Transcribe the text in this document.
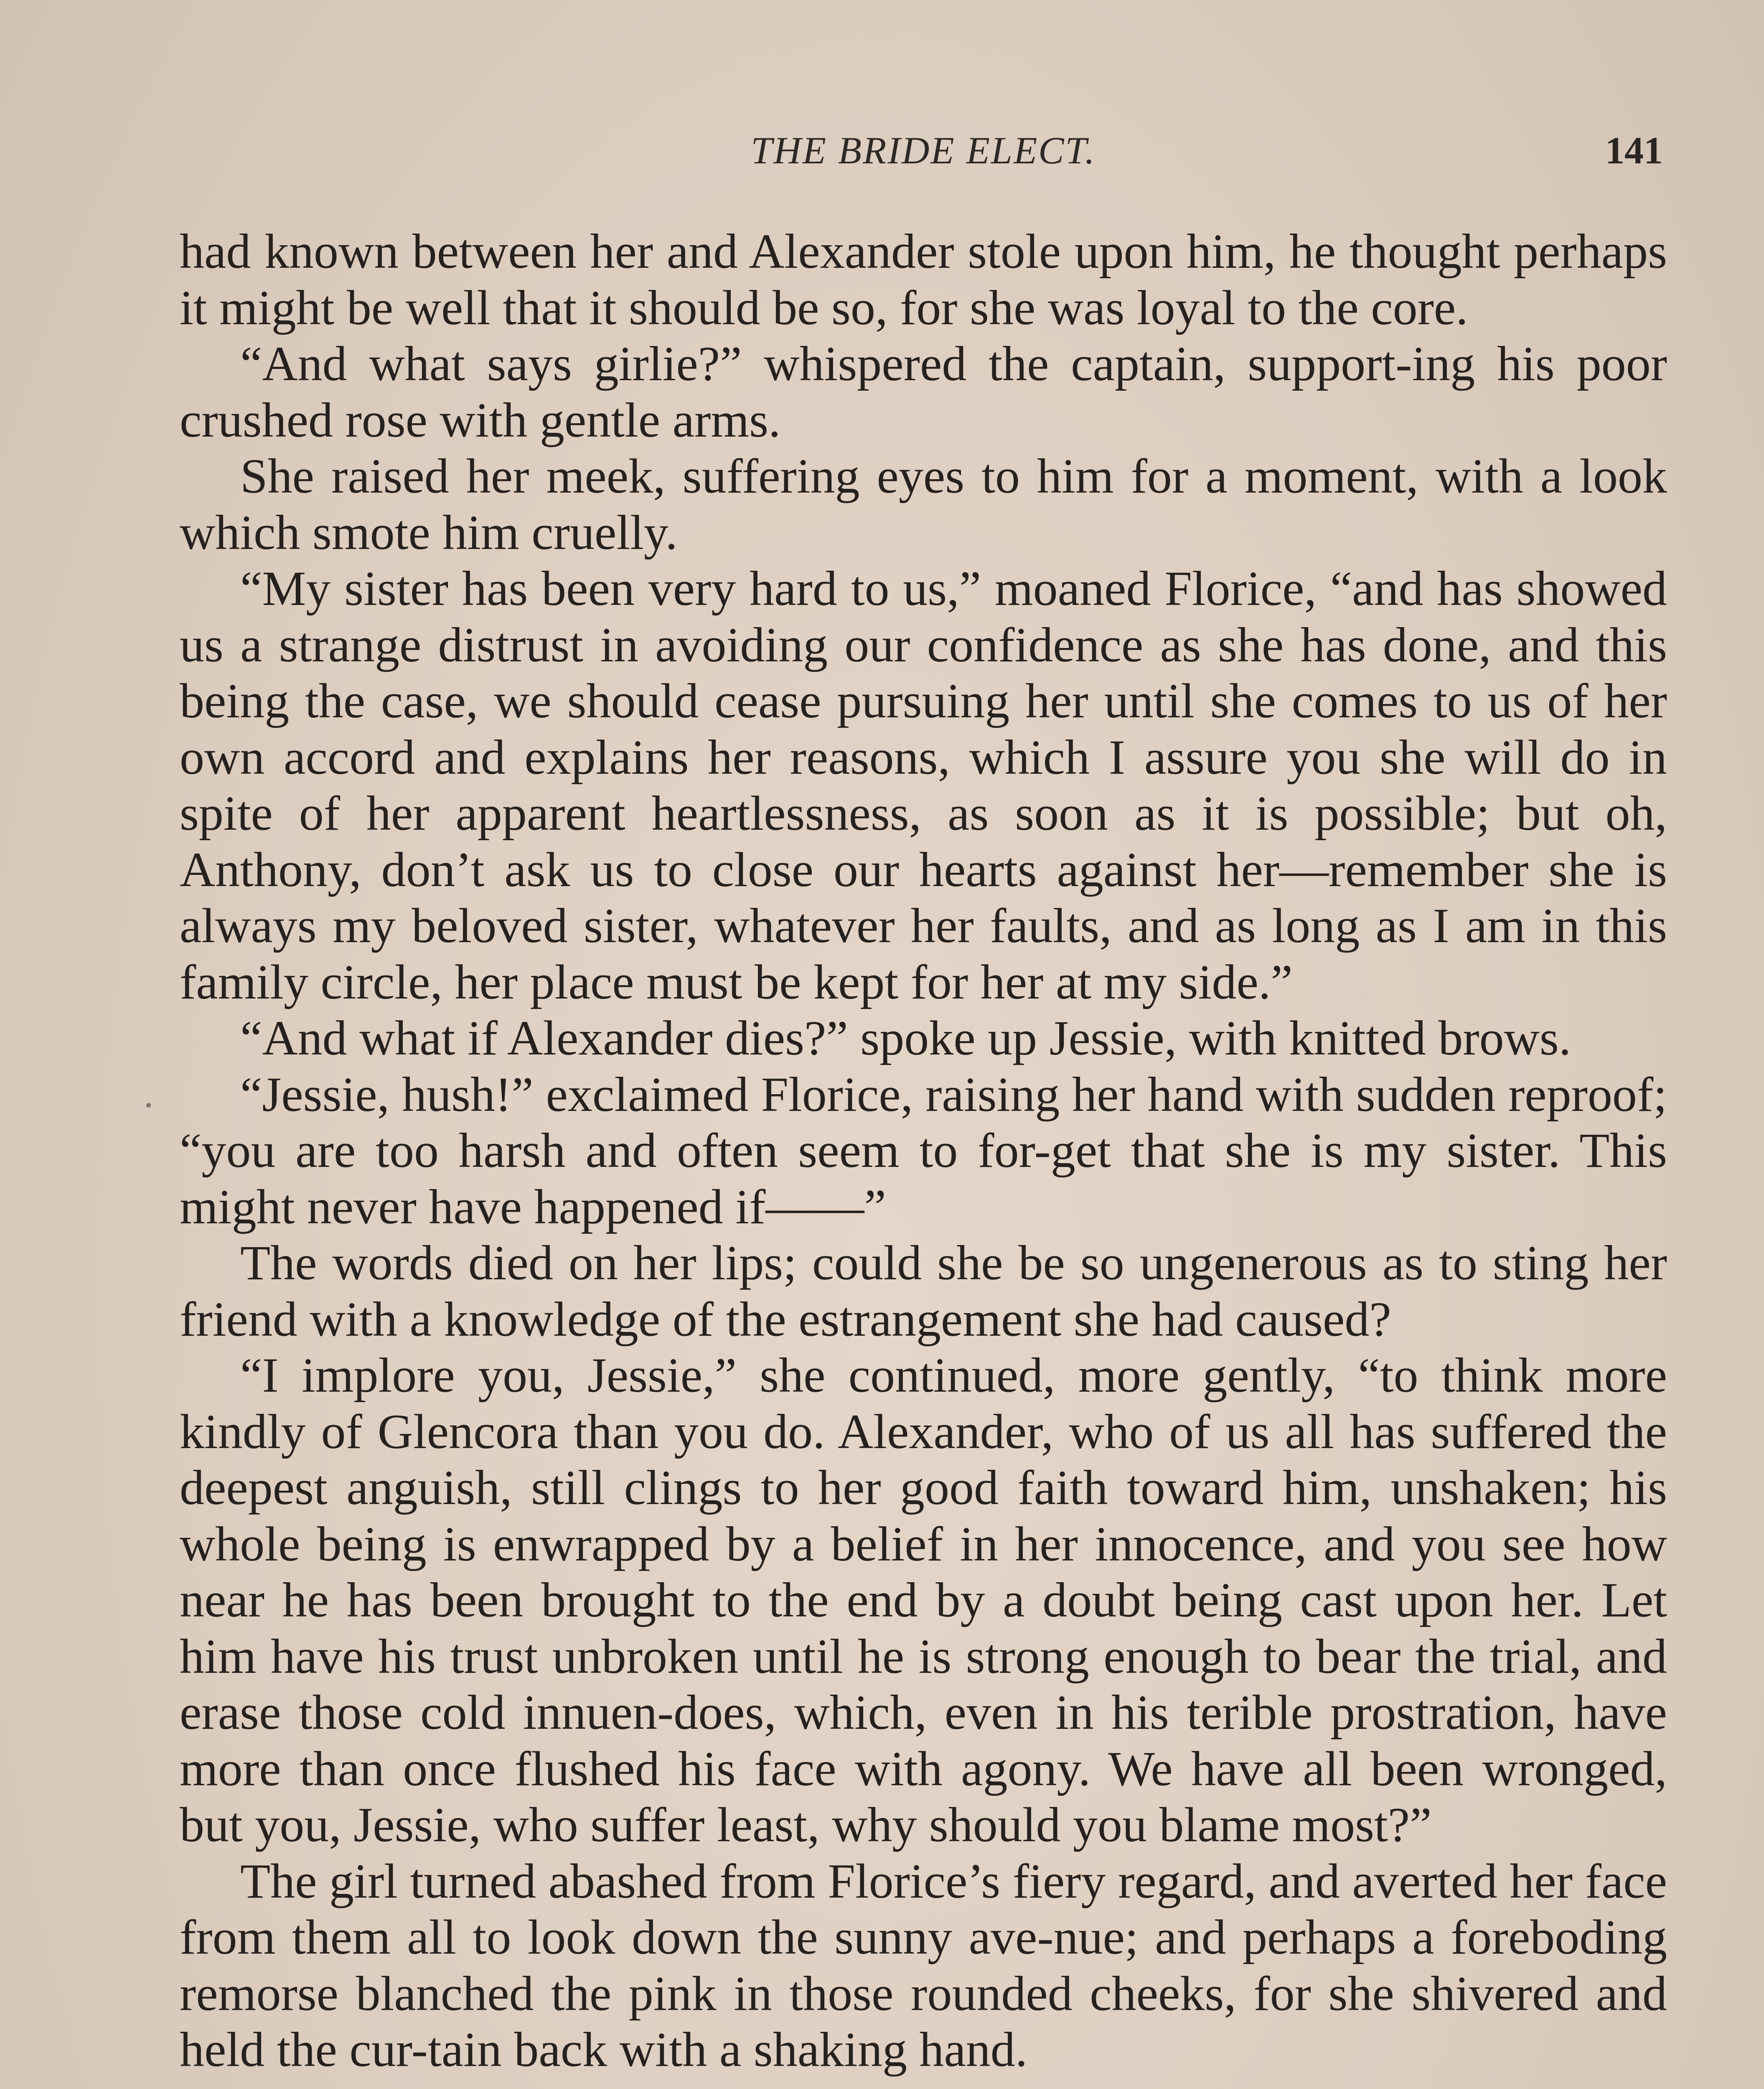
THE BRIDE ELECT.	141

had known between her and Alexander stole upon him, he thought perhaps it might be well that it should be so, for she was loyal to the core.

“And what says girlie?” whispered the captain, support-ing his poor crushed rose with gentle arms.

She raised her meek, suffering eyes to him for a moment, with a look which smote him cruelly.

“My sister has been very hard to us,” moaned Florice, “and has showed us a strange distrust in avoiding our confidence as she has done, and this being the case, we should cease pursuing her until she comes to us of her own accord and explains her reasons, which I assure you she will do in spite of her apparent heartlessness, as soon as it is possible; but oh, Anthony, don’t ask us to close our hearts against her—remember she is always my beloved sister, whatever her faults, and as long as I am in this family circle, her place must be kept for her at my side.”

“And what if Alexander dies?” spoke up Jessie, with knitted brows.

“Jessie, hush!” exclaimed Florice, raising her hand with sudden reproof; “you are too harsh and often seem to for-get that she is my sister. This might never have happened if——”

The words died on her lips; could she be so ungenerous as to sting her friend with a knowledge of the estrangement she had caused?

“I implore you, Jessie,” she continued, more gently, “to think more kindly of Glencora than you do. Alexander, who of us all has suffered the deepest anguish, still clings to her good faith toward him, unshaken; his whole being is enwrapped by a belief in her innocence, and you see how near he has been brought to the end by a doubt being cast upon her. Let him have his trust unbroken until he is strong enough to bear the trial, and erase those cold innuen-does, which, even in his terible prostration, have more than once flushed his face with agony. We have all been wronged, but you, Jessie, who suffer least, why should you blame most?”

The girl turned abashed from Florice’s fiery regard, and averted her face from them all to look down the sunny ave-nue; and perhaps a foreboding remorse blanched the pink in those rounded cheeks, for she shivered and held the cur-tain back with a shaking hand.
